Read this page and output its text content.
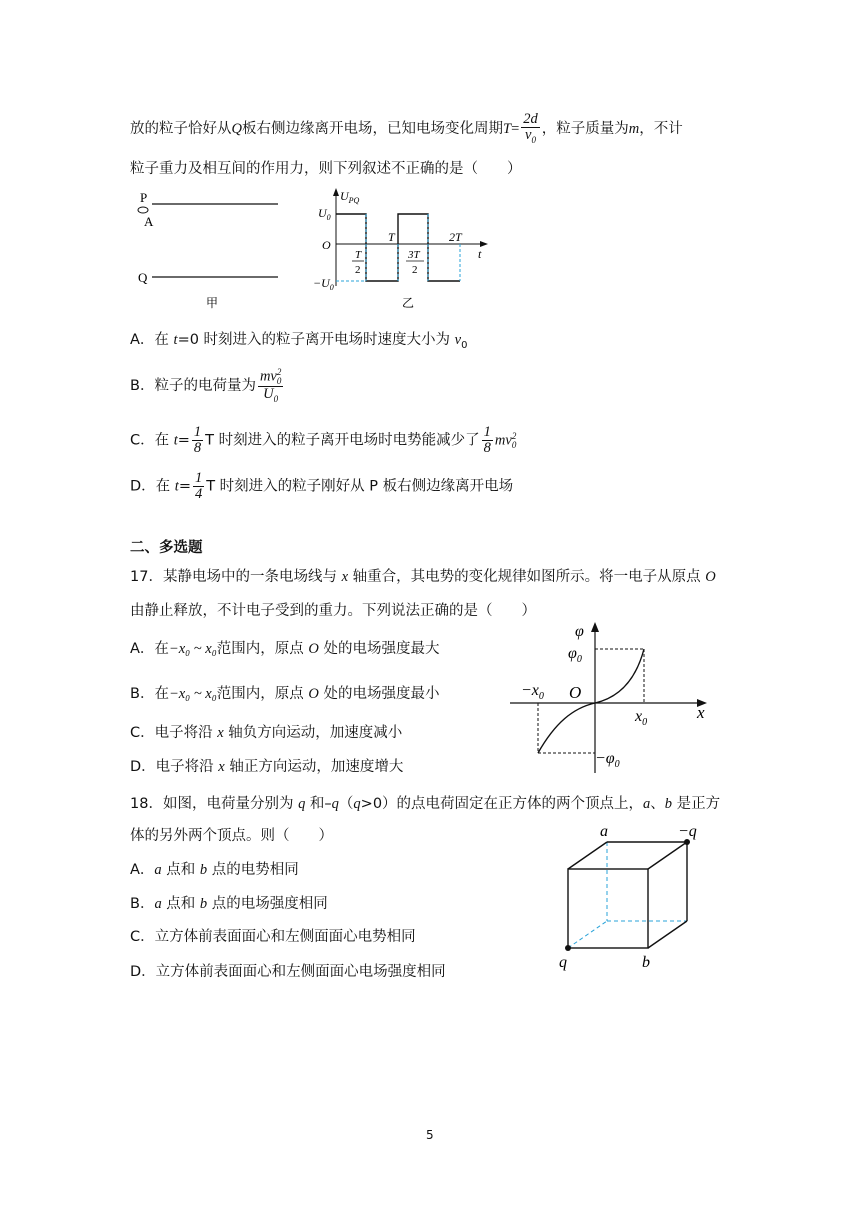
放的粒子恰好从Q板右侧边缘离开电场，已知电场变化周期$T= \frac{2d}{v_0}$ ，粒子质量为m，不计
粒子重力及相互间的作用力，则下列叙述不正确的是（　　）
P
A
Q
甲
$U_{PQ}$
$U_0$
O
$-U_0$
T	2T
t
T
2
3T
2
乙
A．在 t=0 时刻进入的粒子离开电场时速度大小为 $v_0$
B．粒子的电荷量为 mv 2
0
$U_0$
C．在 $t= \frac{1}{8}$ T 时刻进入的粒子离开电场时电势能减少了 $\frac{1}{8}$ mv 2
0
D．在 $t= \frac{1}{4}$ T 时刻进入的粒子刚好从 P 板右侧边缘离开电场
二、多选题
17．某静电场中的一条电场线与 x 轴重合，其电势的变化规律如图所示。将一电子从原点 O
由静止释放，不计电子受到的重力。下列说法正确的是（　　）
A．在−x₀ ~ x₀范围内，原点 O 处的电场强度最大
B．在−x₀ ~ x₀范围内，原点 O 处的电场强度最小
C．电子将沿 x 轴负方向运动，加速度减小
D．电子将沿 x 轴正方向运动，加速度增大
φ
$\varphi_0$
$-x_0$ O
$x_0$
x
$-\varphi_0$
18．如图，电荷量分别为 q 和–q（q>0）的点电荷固定在正方体的两个顶点上，a、b 是正方
体的另外两个顶点。则（　　）
A．a 点和 b 点的电势相同
B．a 点和 b 点的电场强度相同
C．立方体前表面面心和左侧面面心电势相同
D．立方体前表面面心和左侧面面心电场强度相同
a	−q
q	b
5
